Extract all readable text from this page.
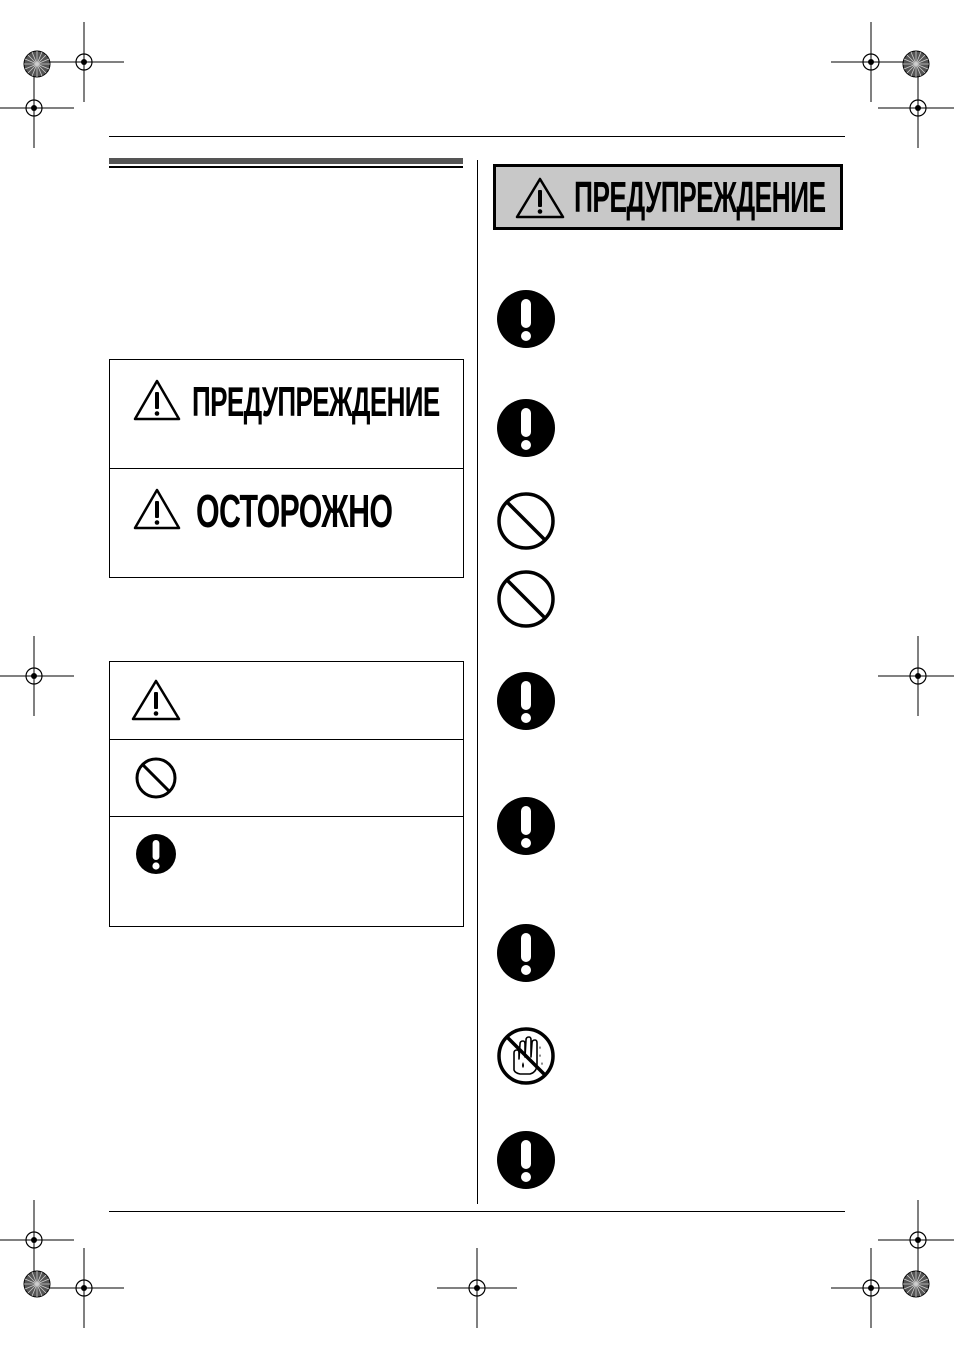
ПРЕДУПРЕЖДЕНИЕ
ОСТОРОЖНО
ПРЕДУПРЕЖДЕНИЕ
